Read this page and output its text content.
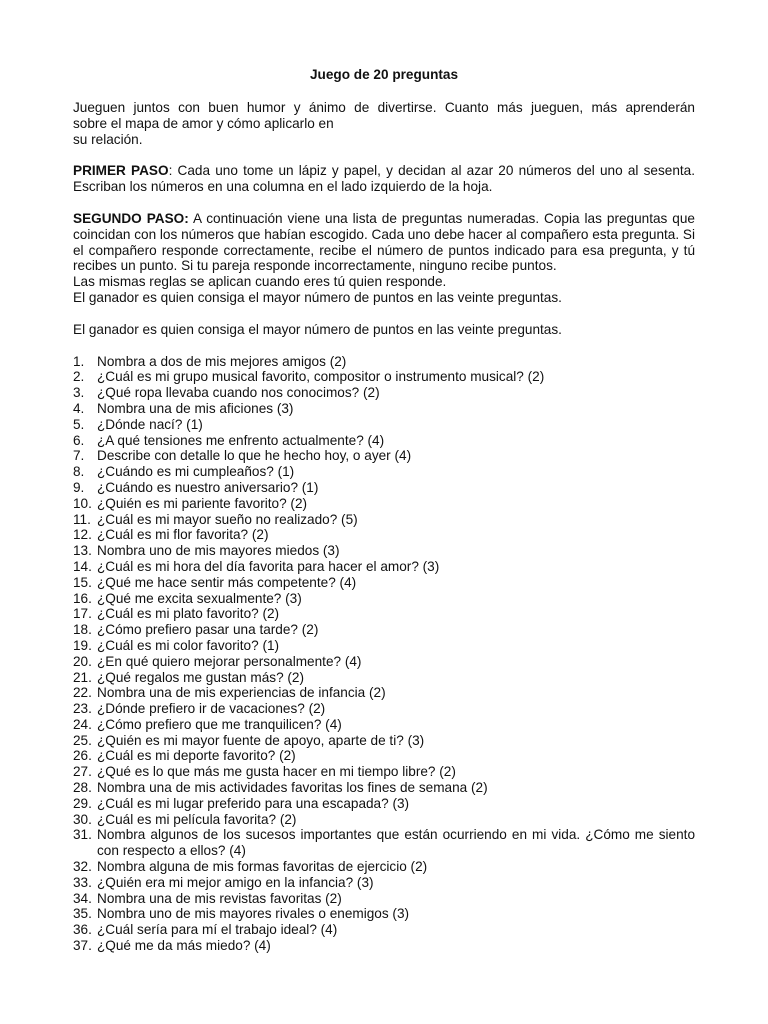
Juego de 20 preguntas
Jueguen juntos con buen humor y ánimo de divertirse. Cuanto más jueguen, más aprenderán
sobre el mapa de amor y cómo aplicarlo en
su relación.
PRIMER PASO: Cada uno tome un lápiz y papel, y decidan al azar 20 números del uno al sesenta. Escriban los números en una columna en el lado izquierdo de la hoja.
SEGUNDO PASO: A continuación viene una lista de preguntas numeradas. Copia las preguntas que coincidan con los números que habían escogido. Cada uno debe hacer al compañero esta pregunta. Si el compañero responde correctamente, recibe el número de puntos indicado para esa pregunta, y tú recibes un punto. Si tu pareja responde incorrectamente, ninguno recibe puntos.
Las mismas reglas se aplican cuando eres tú quien responde.
El ganador es quien consiga el mayor número de puntos en las veinte preguntas.
El ganador es quien consiga el mayor número de puntos en las veinte preguntas.
1. Nombra a dos de mis mejores amigos (2)
2. ¿Cuál es mi grupo musical favorito, compositor o instrumento musical? (2)
3. ¿Qué ropa llevaba cuando nos conocimos? (2)
4. Nombra una de mis aficiones (3)
5. ¿Dónde nací? (1)
6. ¿A qué tensiones me enfrento actualmente? (4)
7. Describe con detalle lo que he hecho hoy, o ayer (4)
8. ¿Cuándo es mi cumpleaños? (1)
9. ¿Cuándo es nuestro aniversario? (1)
10. ¿Quién es mi pariente favorito? (2)
11. ¿Cuál es mi mayor sueño no realizado? (5)
12. ¿Cuál es mi flor favorita? (2)
13. Nombra uno de mis mayores miedos (3)
14. ¿Cuál es mi hora del día favorita para hacer el amor? (3)
15. ¿Qué me hace sentir más competente? (4)
16. ¿Qué me excita sexualmente? (3)
17. ¿Cuál es mi plato favorito? (2)
18. ¿Cómo prefiero pasar una tarde? (2)
19. ¿Cuál es mi color favorito? (1)
20. ¿En qué quiero mejorar personalmente? (4)
21. ¿Qué regalos me gustan más? (2)
22. Nombra una de mis experiencias de infancia (2)
23. ¿Dónde prefiero ir de vacaciones? (2)
24. ¿Cómo prefiero que me tranquilicen? (4)
25. ¿Quién es mi mayor fuente de apoyo, aparte de ti? (3)
26. ¿Cuál es mi deporte favorito? (2)
27. ¿Qué es lo que más me gusta hacer en mi tiempo libre? (2)
28. Nombra una de mis actividades favoritas los fines de semana (2)
29. ¿Cuál es mi lugar preferido para una escapada? (3)
30. ¿Cuál es mi película favorita? (2)
31. Nombra algunos de los sucesos importantes que están ocurriendo en mi vida. ¿Cómo me siento con respecto a ellos? (4)
32. Nombra alguna de mis formas favoritas de ejercicio (2)
33. ¿Quién era mi mejor amigo en la infancia? (3)
34. Nombra una de mis revistas favoritas (2)
35. Nombra uno de mis mayores rivales o enemigos (3)
36. ¿Cuál sería para mí el trabajo ideal? (4)
37. ¿Qué me da más miedo? (4)
